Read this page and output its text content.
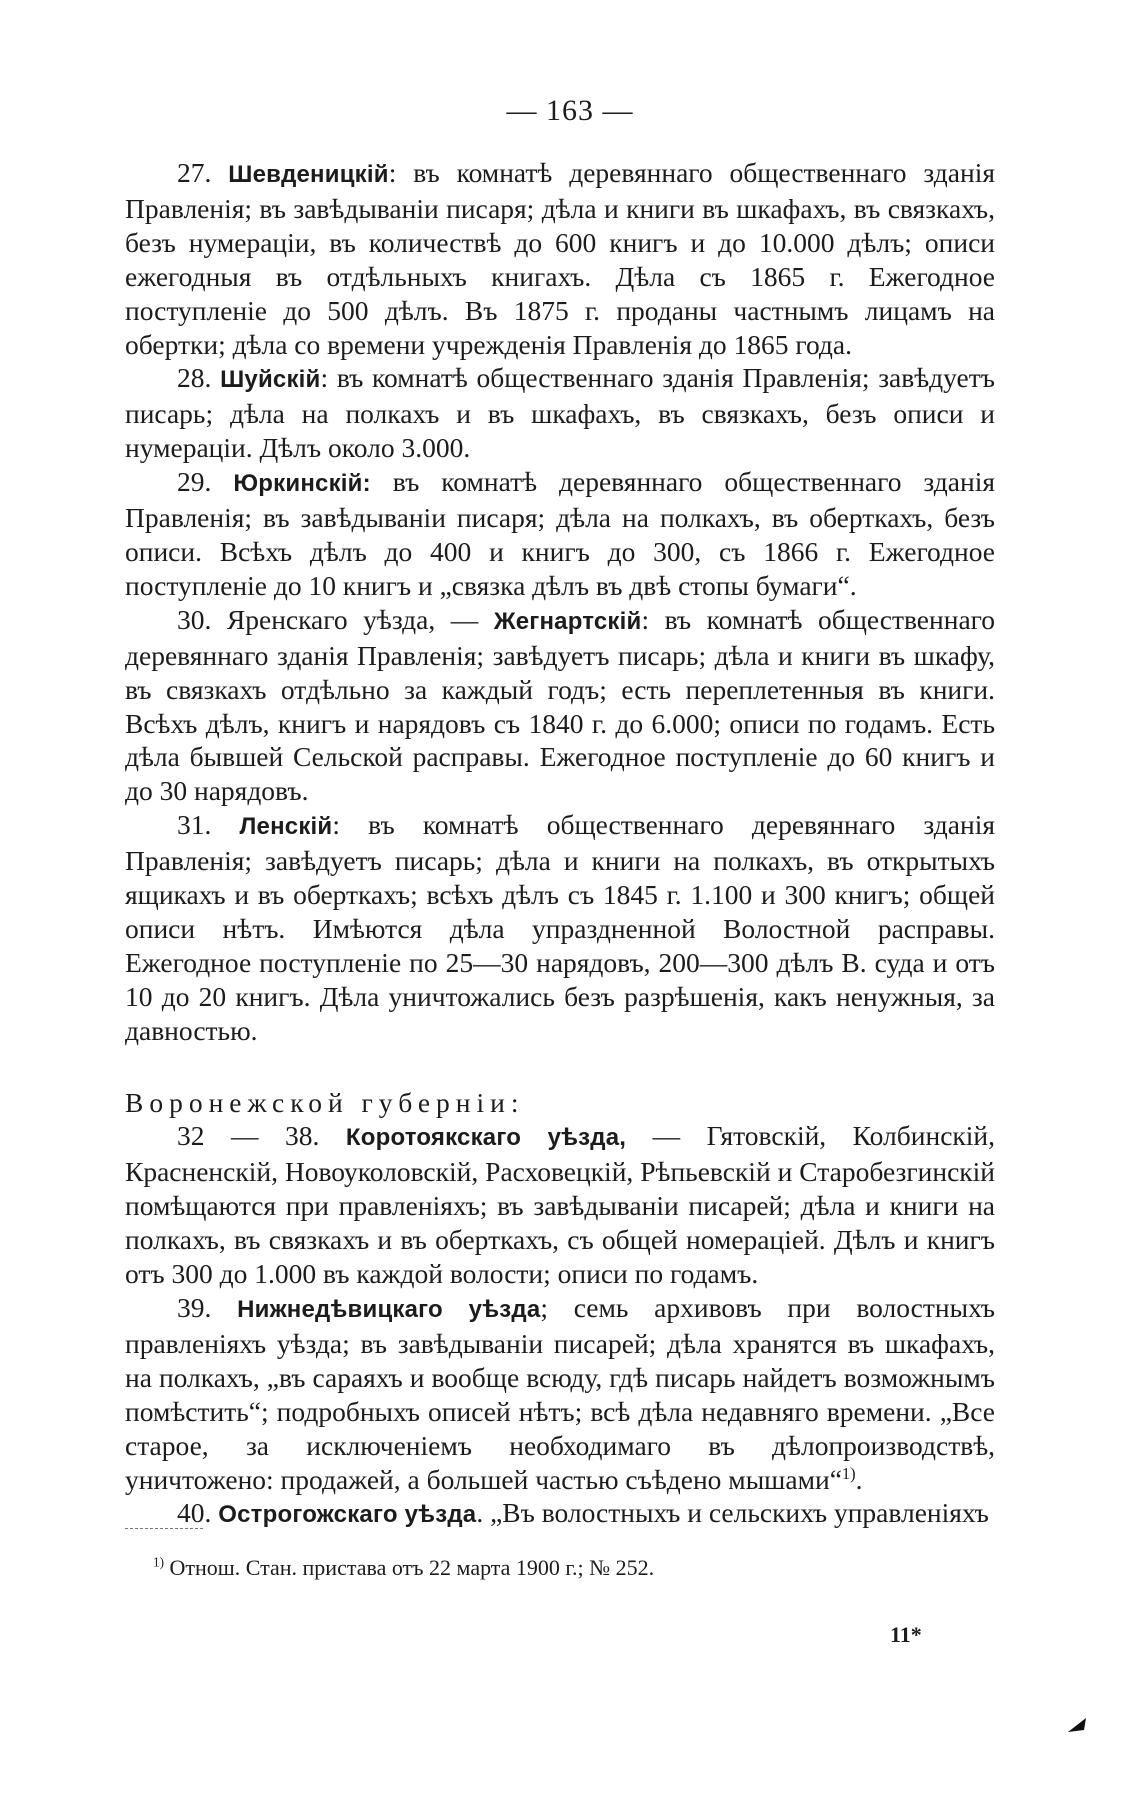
— 163 —

27. Шевденицкiй: въ комнатѣ деревяннаго общественнаго зданiя Правленiя; въ завѣдыванiи писаря; дѣла и книги въ шкафахъ, въ связкахъ, безъ нумерацiи, въ количествѣ до 600 книгъ и до 10.000 дѣлъ; описи ежегодныя въ отдѣльныхъ книгахъ. Дѣла съ 1865 г. Ежегодное поступленiе до 500 дѣлъ. Въ 1875 г. проданы частнымъ лицамъ на обертки; дѣла со времени учрежденiя Правленiя до 1865 года.

28. Шуйскiй: въ комнатѣ общественнаго зданiя Правленiя; завѣдуетъ писарь; дѣла на полкахъ и въ шкафахъ, въ связкахъ, безъ описи и нумерацiи. Дѣлъ около 3.000.

29. Юркинскiй: въ комнатѣ деревяннаго общественнаго зданiя Правленiя; въ завѣдыванiи писаря; дѣла на полкахъ, въ оберткахъ, безъ описи. Всѣхъ дѣлъ до 400 и книгъ до 300, съ 1866 г. Ежегодное поступленiе до 10 книгъ и „связка дѣлъ въ двѣ стопы бумаги“.

30. Яренскаго уѣзда, — Жегнартскiй: въ комнатѣ общественнаго деревяннаго зданiя Правленiя; завѣдуетъ писарь; дѣла и книги въ шкафу, въ связкахъ отдѣльно за каждый годъ; есть переплетенныя въ книги. Всѣхъ дѣлъ, книгъ и нарядовъ съ 1840 г. до 6.000; описи по годамъ. Есть дѣла бывшей Сельской расправы. Ежегодное поступленiе до 60 книгъ и до 30 нарядовъ.

31. Ленскiй: въ комнатѣ общественнаго деревяннаго зданiя Правленiя; завѣдуетъ писарь; дѣла и книги на полкахъ, въ открытыхъ ящикахъ и въ оберткахъ; всѣхъ дѣлъ съ 1845 г. 1.100 и 300 книгъ; общей описи нѣтъ. Имѣются дѣла упраздненной Волостной расправы. Ежегодное поступленiе по 25—30 нарядовъ, 200—300 дѣлъ В. суда и отъ 10 до 20 книгъ. Дѣла уничтожались безъ разрѣшенiя, какъ ненужныя, за давностью.

Воронежской губернiи:

32 — 38. Коротоякскаго уѣзда, — Гятовскiй, Колбинскiй, Красненскiй, Новоуколовскiй, Расховецкiй, Рѣпьевскiй и Старобезгинскiй помѣщаются при правленiяхъ; въ завѣдыванiи писарей; дѣла и книги на полкахъ, въ связкахъ и въ оберткахъ, съ общей номерацiей. Дѣлъ и книгъ отъ 300 до 1.000 въ каждой волости; описи по годамъ.

39. Нижнедѣвицкаго уѣзда; семь архивовъ при волостныхъ правленiяхъ уѣзда; въ завѣдыванiи писарей; дѣла хранятся въ шкафахъ, на полкахъ, „въ сараяхъ и вообще всюду, гдѣ писарь найдетъ возможнымъ помѣстить“; подробныхъ описей нѣтъ; всѣ дѣла недавняго времени. „Все старое, за исключенiемъ необходимаго въ дѣлопроизводствѣ, уничтожено: продажей, а большей частью съѣдено мышами“$^{1)}$.

40. Острогожскаго уѣзда. „Въ волостныхъ и сельскихъ управленiяхъ

$^{1)}$ Отнош. Стан. пристава отъ 22 марта 1900 г.; № 252.
11*
